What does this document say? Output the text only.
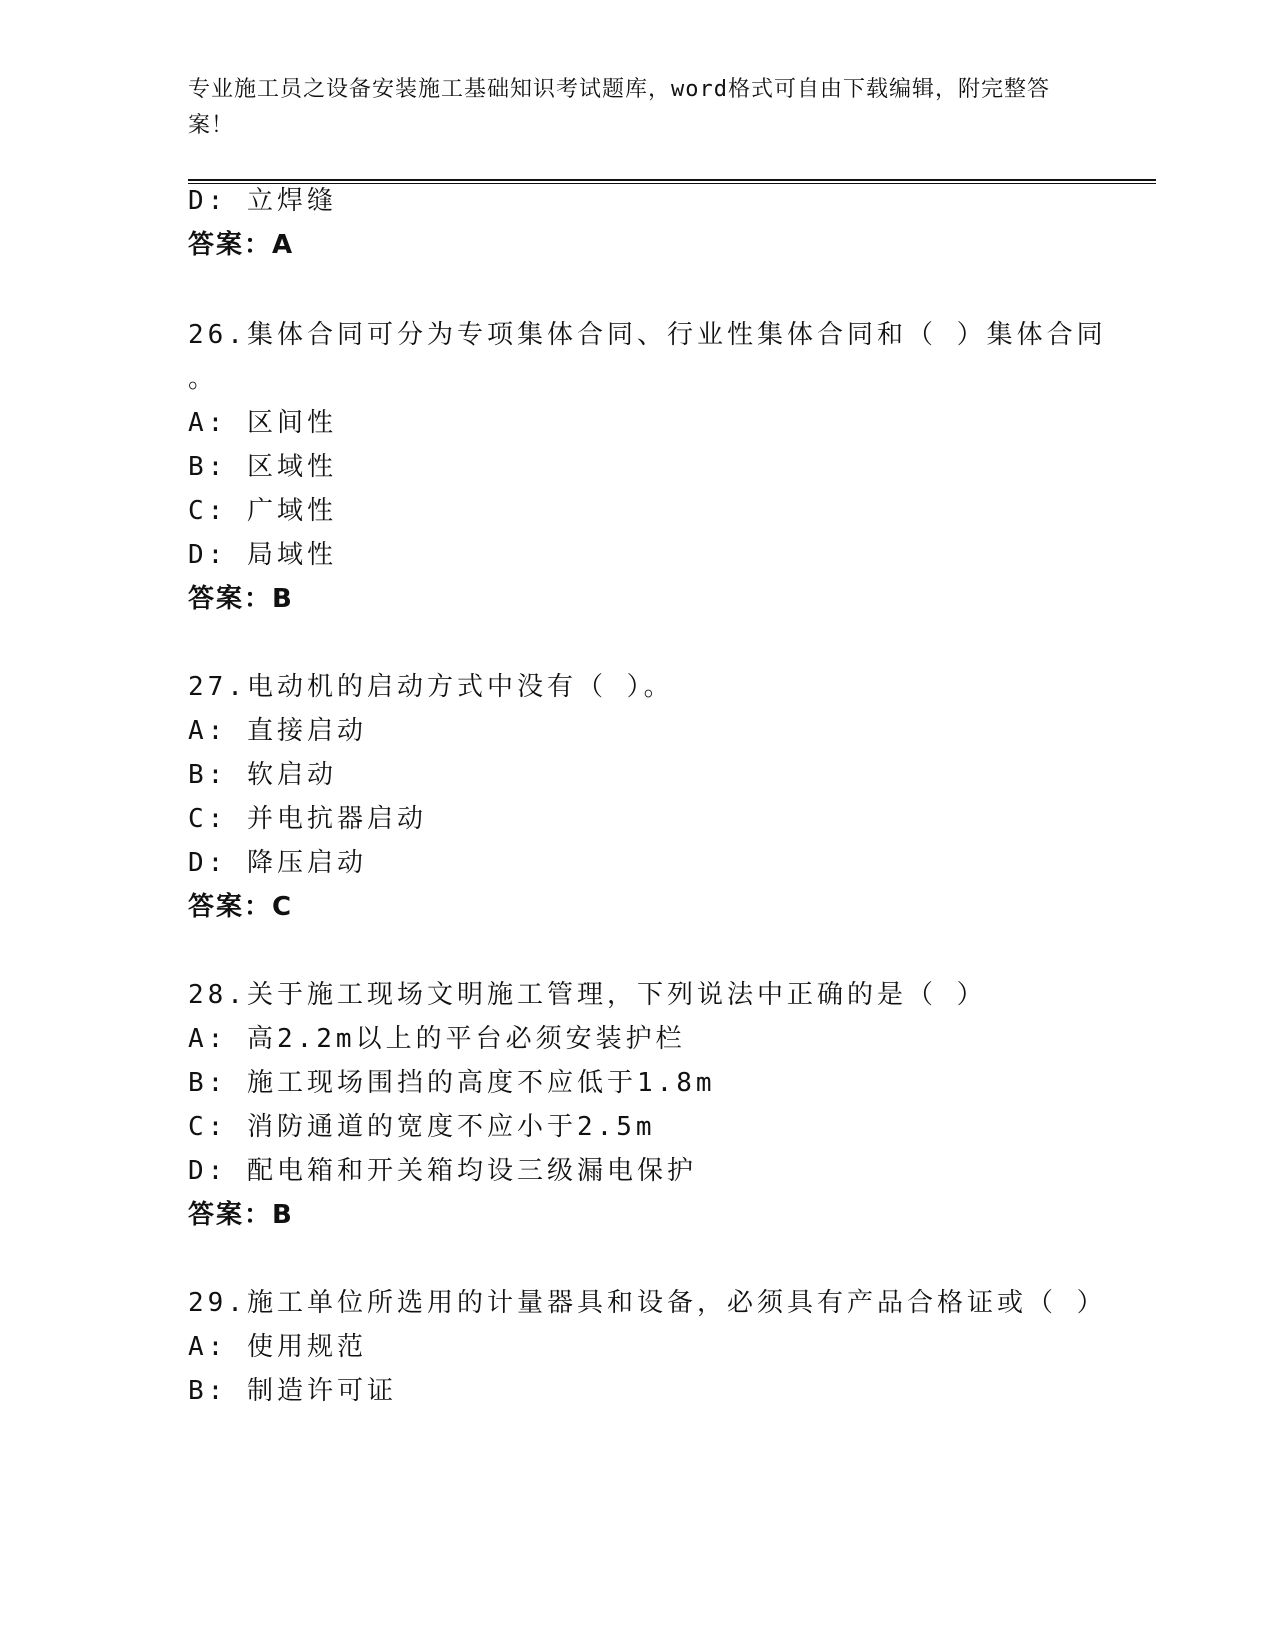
专业施工员之设备安装施工基础知识考试题库，word格式可自由下载编辑，附完整答案！
D: 立焊缝
答案：A
26.集体合同可分为专项集体合同、行业性集体合同和（ ）集体合同
。
A: 区间性
B: 区域性
C: 广域性
D: 局域性
答案：B
27.电动机的启动方式中没有（ ）。
A: 直接启动
B: 软启动
C: 并电抗器启动
D: 降压启动
答案：C
28.关于施工现场文明施工管理，下列说法中正确的是（ ）
A: 高2.2m以上的平台必须安装护栏
B: 施工现场围挡的高度不应低于1.8m
C: 消防通道的宽度不应小于2.5m
D: 配电箱和开关箱均设三级漏电保护
答案：B
29.施工单位所选用的计量器具和设备，必须具有产品合格证或（ ）
A: 使用规范
B: 制造许可证
